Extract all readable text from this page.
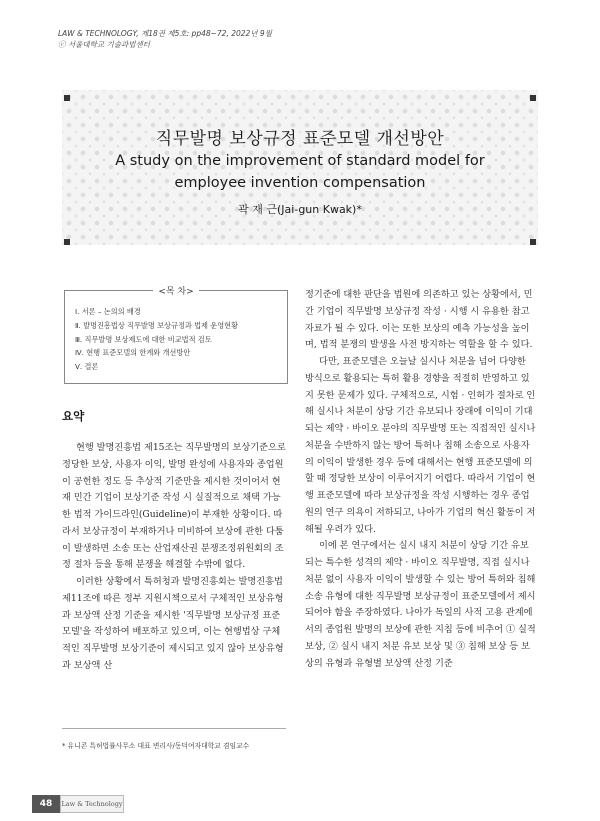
LAW & TECHNOLOGY, 제18권 제5호: pp48~72, 2022년 9월
ⓒ 서울대학교 기술과법센터
직무발명 보상규정 표준모델 개선방안
A study on the improvement of standard model for
employee invention compensation
곽 재 근(Jai-gun Kwak)*
<목 차>
Ⅰ. 서론 – 논의의 배경
Ⅱ. 발명진흥법상 직무발명 보상규정과 법제 운영현황
Ⅲ. 직무발명 보상제도에 대한 비교법적 검토
Ⅳ. 현행 표준모델의 한계와 개선방안
Ⅴ. 결론
요약

현행 발명진흥법 제15조는 직무발명의 보상기준으로 정당한 보상, 사용자 이익, 발명 완성에 사용자와 종업원이 공헌한 정도 등 추상적 기준만을 제시한 것이어서 현재 민간 기업이 보상기준 작성 시 실질적으로 채택 가능한 법적 가이드라인(Guideline)이 부재한 상황이다. 따라서 보상규정이 부재하거나 미비하여 보상에 관한 다툼이 발생하면 소송 또는 산업재산권 분쟁조정위원회의 조정 절차 등을 통해 분쟁을 해결할 수밖에 없다.

이러한 상황에서 특허청과 발명진흥회는 발명진흥법 제11조에 따른 정부 지원시책으로서 구체적인 보상유형과 보상액 산정 기준을 제시한 '직무발명 보상규정 표준모델'을 작성하여 배포하고 있으며, 이는 현행법상 구체적인 직무발명 보상기준이 제시되고 있지 않아 보상유형과 보상액 산

정기준에 대한 판단을 법원에 의존하고 있는 상황에서, 민간 기업이 직무발명 보상규정 작성 · 시행 시 유용한 참고자료가 될 수 있다. 이는 또한 보상의 예측 가능성을 높이며, 법적 분쟁의 발생을 사전 방지하는 역할을 할 수 있다.

다만, 표준모델은 오늘날 실시나 처분을 넘어 다양한 방식으로 활용되는 특허 활용 경향을 적절히 반영하고 있지 못한 문제가 있다. 구체적으로, 시험 · 인허가 절차로 인해 실시나 처분이 상당 기간 유보되나 장래에 이익이 기대되는 제약 · 바이오 분야의 직무발명 또는 직접적인 실시나 처분을 수반하지 않는 방어 특허나 침해 소송으로 사용자의 이익이 발생한 경우 등에 대해서는 현행 표준모델에 의할 때 정당한 보상이 이루어지기 어렵다. 따라서 기업이 현행 표준모델에 따라 보상규정을 작성 시행하는 경우 종업원의 연구 의욕이 저하되고, 나아가 기업의 혁신 활동이 저해될 우려가 있다.

이에 본 연구에서는 실시 내지 처분이 상당 기간 유보되는 특수한 성격의 제약 · 바이오 직무발명, 직접 실시나 처분 없이 사용자 이익이 발생할 수 있는 방어 특허와 침해 소송 유형에 대한 직무발명 보상규정이 표준모델에서 제시되어야 함을 주장하였다. 나아가 독일의 사적 고용 관계에서의 종업원 발명의 보상에 관한 지침 등에 비추어 ① 실적 보상, ② 실시 내지 처분 유보 보상 및 ③ 침해 보상 등 보상의 유형과 유형별 보상액 산정 기준

* 유니콘 특허법률사무소 대표 변리사/동덕여자대학교 겸임교수
48	Law & Technology
